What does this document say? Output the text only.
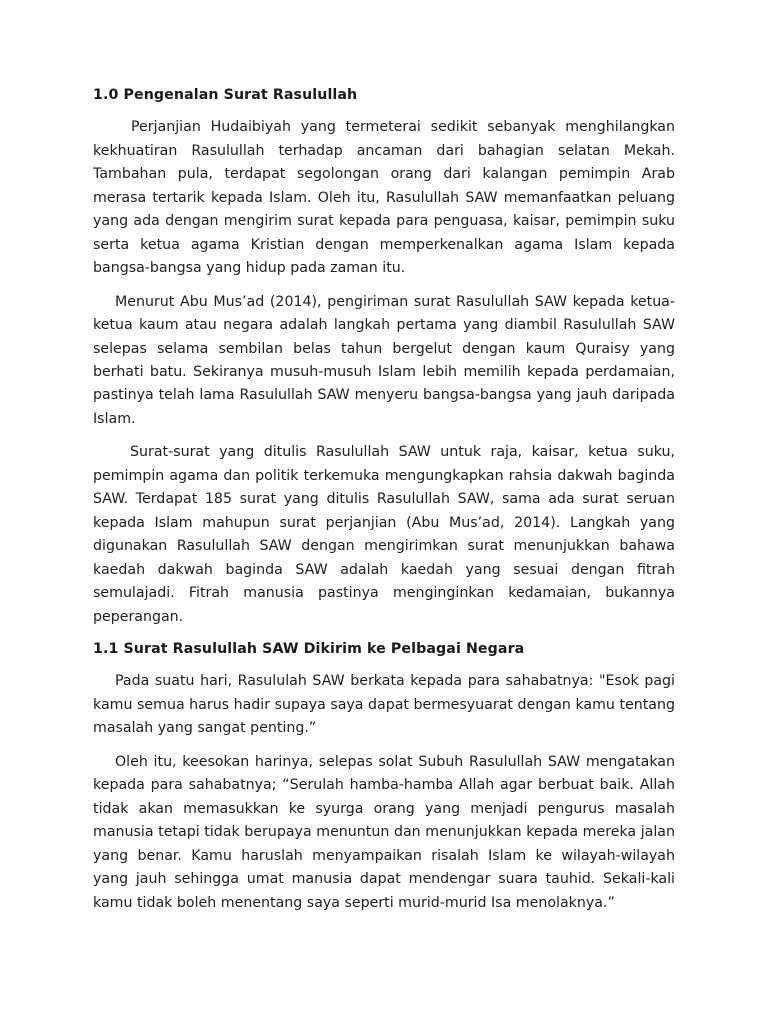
1.0 Pengenalan Surat Rasulullah

Perjanjian Hudaibiyah yang termeterai sedikit sebanyak menghilangkan kekhuatiran Rasulullah terhadap ancaman dari bahagian selatan Mekah. Tambahan pula, terdapat segolongan orang dari kalangan pemimpin Arab merasa tertarik kepada Islam. Oleh itu, Rasulullah SAW memanfaatkan peluang yang ada dengan mengirim surat kepada para penguasa, kaisar, pemimpin suku serta ketua agama Kristian dengan memperkenalkan agama Islam kepada bangsa-bangsa yang hidup pada zaman itu.

Menurut Abu Mus’ad (2014), pengiriman surat Rasulullah SAW kepada ketua-ketua kaum atau negara adalah langkah pertama yang diambil Rasulullah SAW selepas selama sembilan belas tahun bergelut dengan kaum Quraisy yang berhati batu. Sekiranya musuh-musuh Islam lebih memilih kepada perdamaian, pastinya telah lama Rasulullah SAW menyeru bangsa-bangsa yang jauh daripada Islam.

Surat-surat yang ditulis Rasulullah SAW untuk raja, kaisar, ketua suku, pemimpin agama dan politik terkemuka mengungkapkan rahsia dakwah baginda SAW. Terdapat 185 surat yang ditulis Rasulullah SAW, sama ada surat seruan kepada Islam mahupun surat perjanjian (Abu Mus’ad, 2014). Langkah yang digunakan Rasulullah SAW dengan mengirimkan surat menunjukkan bahawa kaedah dakwah baginda SAW adalah kaedah yang sesuai dengan fitrah semulajadi. Fitrah manusia pastinya menginginkan kedamaian, bukannya peperangan.

1.1 Surat Rasulullah SAW Dikirim ke Pelbagai Negara

Pada suatu hari, Rasululah SAW berkata kepada para sahabatnya: "Esok pagi kamu semua harus hadir supaya saya dapat bermesyuarat dengan kamu tentang masalah yang sangat penting.”

Oleh itu, keesokan harinya, selepas solat Subuh Rasulullah SAW mengatakan kepada para sahabatnya; “Serulah hamba-hamba Allah agar berbuat baik. Allah tidak akan memasukkan ke syurga orang yang menjadi pengurus masalah manusia tetapi tidak berupaya menuntun dan menunjukkan kepada mereka jalan yang benar. Kamu haruslah menyampaikan risalah Islam ke wilayah-wilayah yang jauh sehingga umat manusia dapat mendengar suara tauhid. Sekali-kali kamu tidak boleh menentang saya seperti murid-murid Isa menolaknya.”
